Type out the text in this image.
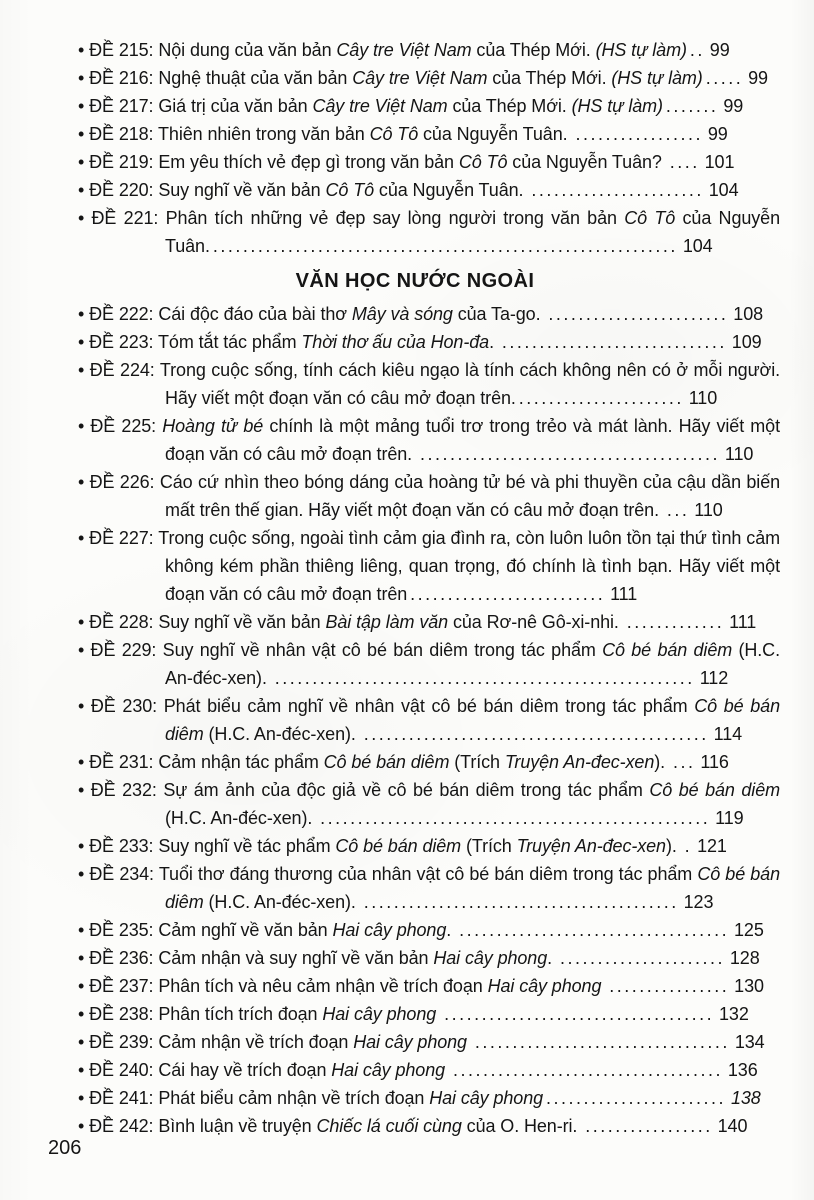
• ĐỀ 215: Nội dung của văn bản Cây tre Việt Nam của Thép Mới. (HS tự làm) .. 99

• ĐỀ 216: Nghệ thuật của văn bản Cây tre Việt Nam của Thép Mới. (HS tự làm) ..... 99

• ĐỀ 217: Giá trị của văn bản Cây tre Việt Nam của Thép Mới. (HS tự làm) ....... 99

• ĐỀ 218: Thiên nhiên trong văn bản Cô Tô của Nguyễn Tuân. ................. 99

• ĐỀ 219: Em yêu thích vẻ đẹp gì trong văn bản Cô Tô của Nguyễn Tuân? .... 101

• ĐỀ 220: Suy nghĩ về văn bản Cô Tô của Nguyễn Tuân. ....................... 104

• ĐỀ 221: Phân tích những vẻ đẹp say lòng người trong văn bản Cô Tô của Nguyễn Tuân. .............................................................. 104

VĂN HỌC NƯỚC NGOÀI

• ĐỀ 222: Cái độc đáo của bài thơ Mây và sóng của Ta-go. ........................ 108

• ĐỀ 223: Tóm tắt tác phẩm Thời thơ ấu của Hon-đa. .............................. 109

• ĐỀ 224: Trong cuộc sống, tính cách kiêu ngạo là tính cách không nên có ở mỗi người. Hãy viết một đoạn văn có câu mở đoạn trên. ...................... 110

• ĐỀ 225: Hoàng tử bé chính là một mảng tuổi trơ trong trẻo và mát lành. Hãy viết một đoạn văn có câu mở đoạn trên. ........................................ 110

• ĐỀ 226: Cáo cứ nhìn theo bóng dáng của hoàng tử bé và phi thuyền của cậu dần biến mất trên thế gian. Hãy viết một đoạn văn có câu mở đoạn trên. ... 110

• ĐỀ 227: Trong cuộc sống, ngoài tình cảm gia đình ra, còn luôn luôn tồn tại thứ tình cảm không kém phần thiêng liêng, quan trọng, đó chính là tình bạn. Hãy viết một đoạn văn có câu mở đoạn trên .......................... 111

• ĐỀ 228: Suy nghĩ về văn bản Bài tập làm văn của Rơ-nê Gô-xi-nhi. ............. 111

• ĐỀ 229: Suy nghĩ về nhân vật cô bé bán diêm trong tác phẩm Cô bé bán diêm (H.C. An-đéc-xen). ........................................................ 112

• ĐỀ 230: Phát biểu cảm nghĩ về nhân vật cô bé bán diêm trong tác phẩm Cô bé bán diêm (H.C. An-đéc-xen). .............................................. 114

• ĐỀ 231: Cảm nhận tác phẩm Cô bé bán diêm (Trích Truyện An-đec-xen). ... 116

• ĐỀ 232: Sự ám ảnh của độc giả về cô bé bán diêm trong tác phẩm Cô bé bán diêm (H.C. An-đéc-xen). .................................................... 119

• ĐỀ 233: Suy nghĩ về tác phẩm Cô bé bán diêm (Trích Truyện An-đec-xen). . 121

• ĐỀ 234: Tuổi thơ đáng thương của nhân vật cô bé bán diêm trong tác phẩm Cô bé bán diêm (H.C. An-đéc-xen). .......................................... 123

• ĐỀ 235: Cảm nghĩ về văn bản Hai cây phong. .................................... 125

• ĐỀ 236: Cảm nhận và suy nghĩ về văn bản Hai cây phong. ...................... 128

• ĐỀ 237: Phân tích và nêu cảm nhận về trích đoạn Hai cây phong ................ 130

• ĐỀ 238: Phân tích trích đoạn Hai cây phong .................................... 132

• ĐỀ 239: Cảm nhận về trích đoạn Hai cây phong .................................. 134

• ĐỀ 240: Cái hay về trích đoạn Hai cây phong .................................... 136

• ĐỀ 241: Phát biểu cảm nhận về trích đoạn Hai cây phong ........................ 138

• ĐỀ 242: Bình luận về truyện Chiếc lá cuối cùng của O. Hen-ri. ................. 140

206
